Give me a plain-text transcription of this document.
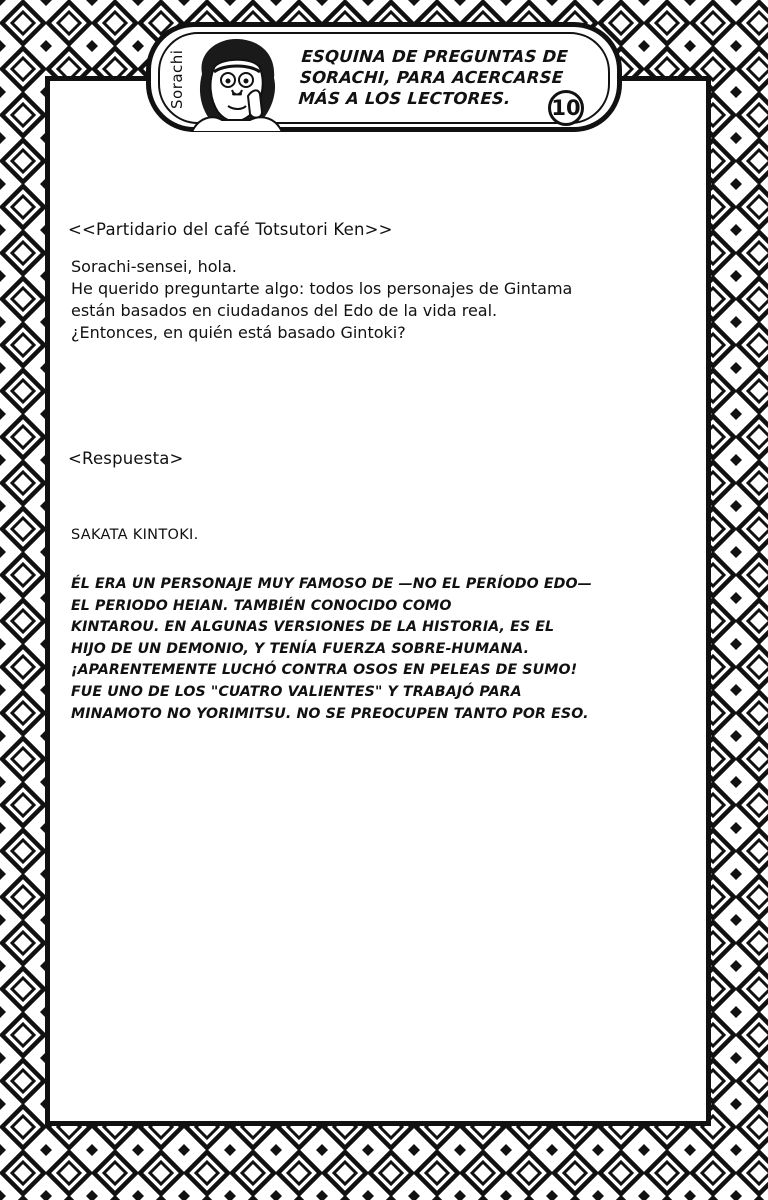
Sorachi	ESQUINA DE PREGUNTAS DE
SORACHI, PARA ACERCARSE
MÁS A LOS LECTORES.	10
<<Partidario del café Totsutori Ken>>
Sorachi-sensei, hola.
He querido preguntarte algo: todos los personajes de Gintama
están basados en ciudadanos del Edo de la vida real.
¿Entonces, en quién está basado Gintoki?
<Respuesta>
SAKATA KINTOKI.
ÉL ERA UN PERSONAJE MUY FAMOSO DE —NO EL PERÍODO EDO—
EL PERIODO HEIAN. TAMBIÉN CONOCIDO COMO
KINTAROU. EN ALGUNAS VERSIONES DE LA HISTORIA, ES EL
HIJO DE UN DEMONIO, Y TENÍA FUERZA SOBRE-HUMANA.
¡APARENTEMENTE LUCHÓ CONTRA OSOS EN PELEAS DE SUMO!
FUE UNO DE LOS "CUATRO VALIENTES" Y TRABAJÓ PARA
MINAMOTO NO YORIMITSU. NO SE PREOCUPEN TANTO POR ESO.
